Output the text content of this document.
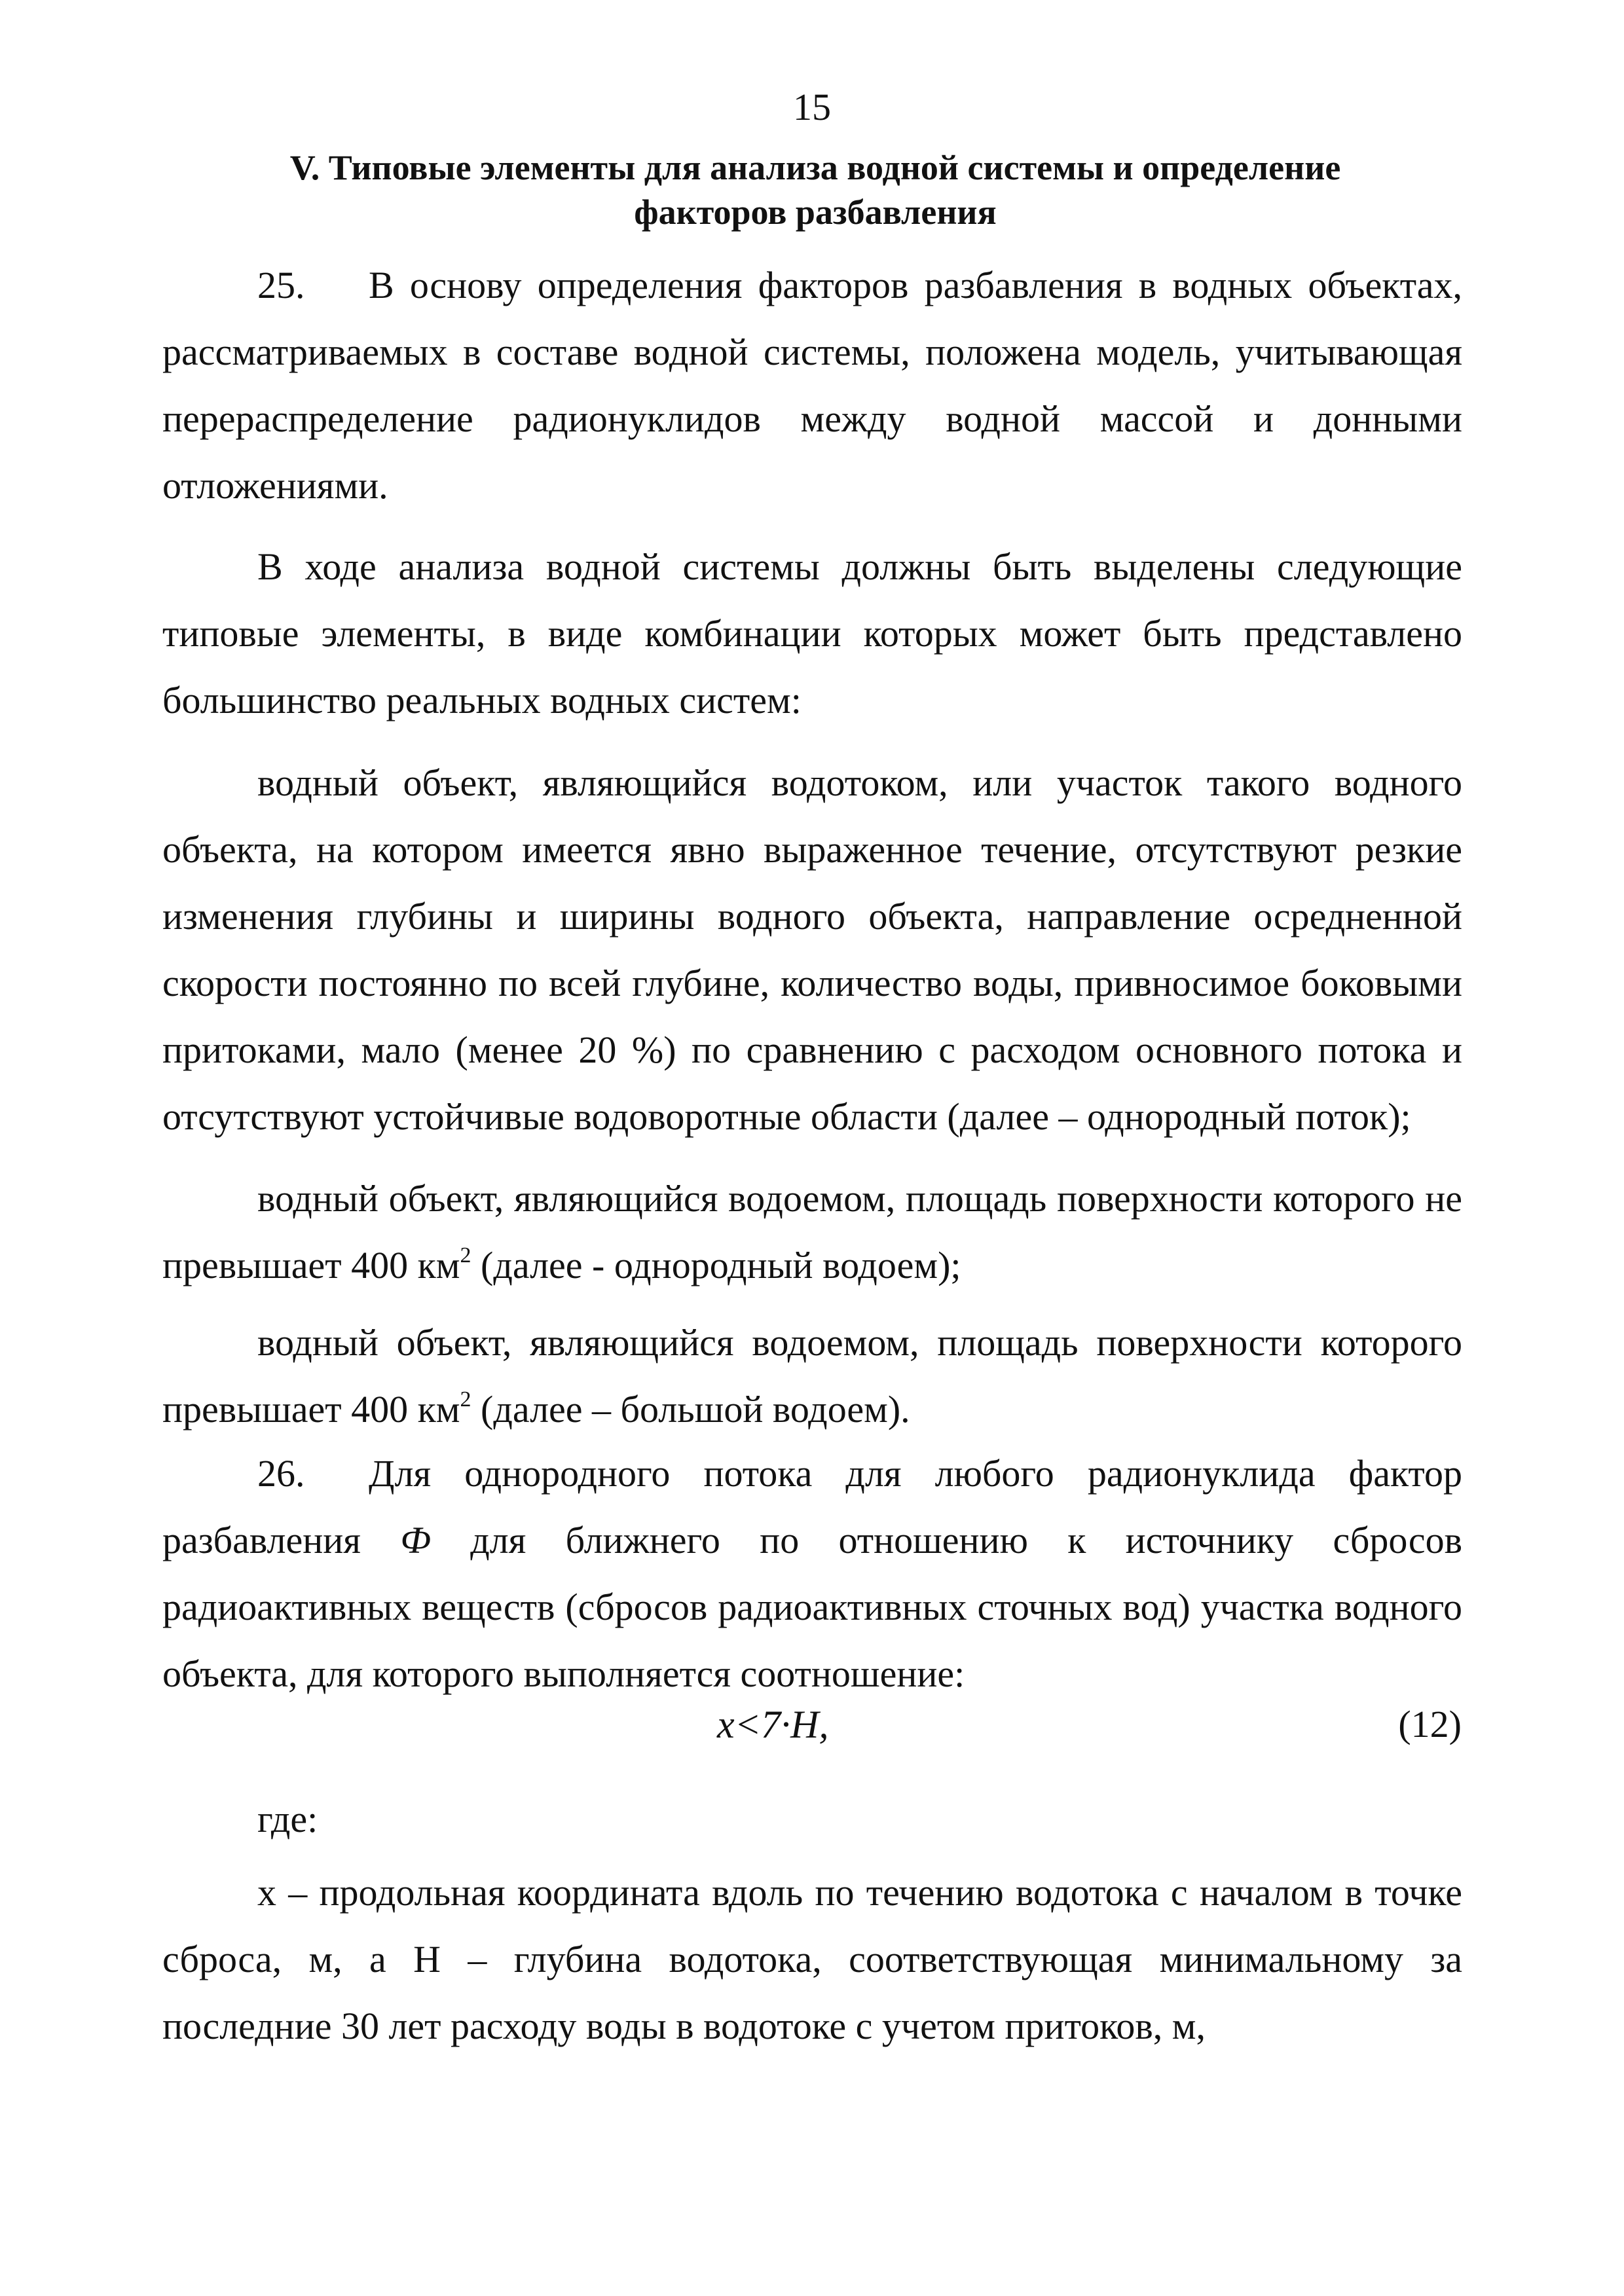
15
V. Типовые элементы для анализа водной системы и определение
факторов разбавления
25. В основу определения факторов разбавления в водных объектах, рассматриваемых в составе водной системы, положена модель, учитывающая перераспределение радионуклидов между водной массой и донными отложениями.
В ходе анализа водной системы должны быть выделены следующие типовые элементы, в виде комбинации которых может быть представлено большинство реальных водных систем:
водный объект, являющийся водотоком, или участок такого водного объекта, на котором имеется явно выраженное течение, отсутствуют резкие изменения глубины и ширины водного объекта, направление осредненной скорости постоянно по всей глубине, количество воды, привносимое боковыми притоками, мало (менее 20 %) по сравнению с расходом основного потока и отсутствуют устойчивые водоворотные области (далее – однородный поток);
водный объект, являющийся водоемом, площадь поверхности которого не превышает 400 $км^2$ (далее - однородный водоем);
водный объект, являющийся водоемом, площадь поверхности которого превышает 400 $км^2$ (далее – большой водоем).
26. Для однородного потока для любого радионуклида фактор разбавления Ф для ближнего по отношению к источнику сбросов радиоактивных веществ (сбросов радиоактивных сточных вод) участка водного объекта, для которого выполняется соотношение:
x<7·H,	(12)
где:
x – продольная координата вдоль по течению водотока с началом в точке сброса, м, а Н – глубина водотока, соответствующая минимальному за последние 30 лет расходу воды в водотоке с учетом притоков, м,
